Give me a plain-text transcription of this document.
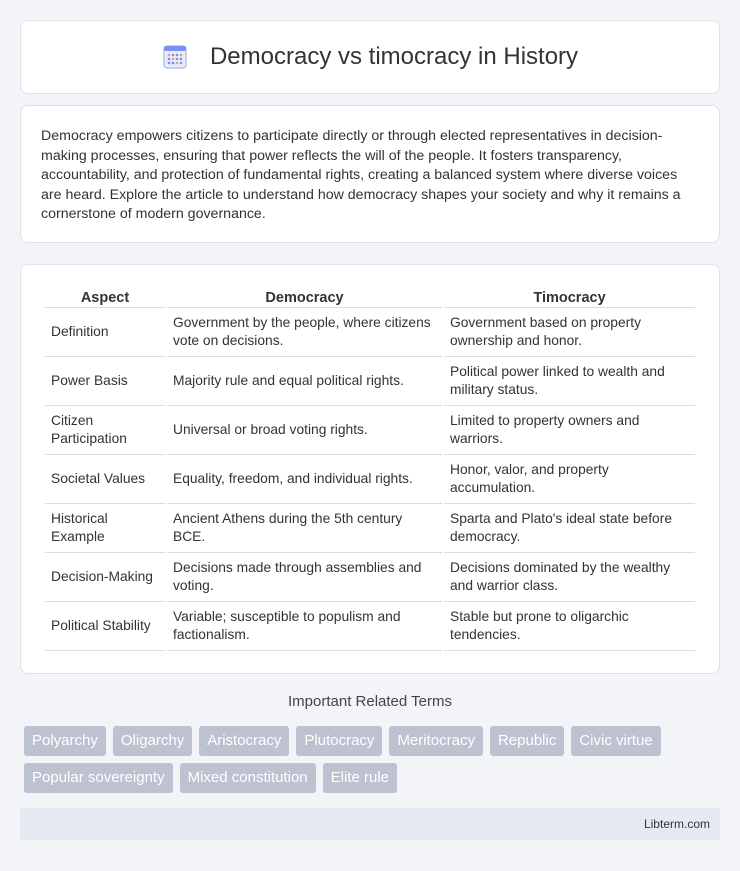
Democracy vs timocracy in History

Democracy empowers citizens to participate directly or through elected representatives in decision-making processes, ensuring that power reflects the will of the people. It fosters transparency, accountability, and protection of fundamental rights, creating a balanced system where diverse voices are heard. Explore the article to understand how democracy shapes your society and why it remains a cornerstone of modern governance.

Aspect	Democracy	Timocracy
Definition	Government by the people, where citizens vote on decisions.	Government based on property ownership and honor.
Power Basis	Majority rule and equal political rights.	Political power linked to wealth and military status.
Citizen Participation	Universal or broad voting rights.	Limited to property owners and warriors.
Societal Values	Equality, freedom, and individual rights.	Honor, valor, and property accumulation.
Historical Example	Ancient Athens during the 5th century BCE.	Sparta and Plato's ideal state before democracy.
Decision-Making	Decisions made through assemblies and voting.	Decisions dominated by the wealthy and warrior class.
Political Stability	Variable; susceptible to populism and factionalism.	Stable but prone to oligarchic tendencies.
Important Related Terms
Polyarchy	Oligarchy	Aristocracy	Plutocracy	Meritocracy	Republic	Civic virtue
Popular sovereignty	Mixed constitution	Elite rule
Libterm.com
